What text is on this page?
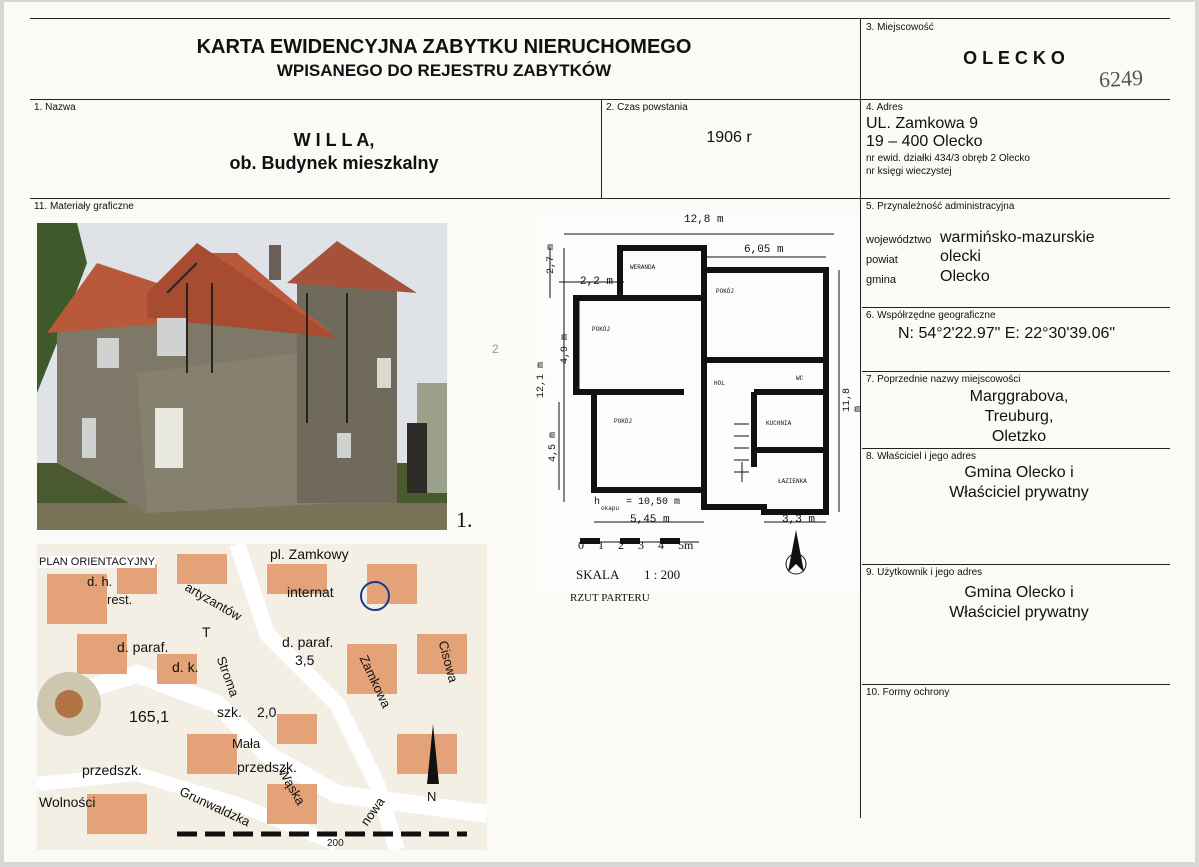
KARTA EWIDENCYJNA ZABYTKU NIERUCHOMEGO
WPISANEGO DO REJESTRU ZABYTKÓW
3. Miejscowość
O L E C K O
6249
1. Nazwa
W I L L A,
ob. Budynek mieszkalny
2. Czas powstania
1906 r
4. Adres
UL. Zamkowa 9
19 – 400 Olecko
nr ewid. działki 434/3 obręb 2 Olecko
nr księgi wieczystej
11. Materiały graficzne
1.
2
PLAN ORIENTACYJNY	pl. Zamkowy
d. h.
rest.	artyzantów	internat
d. paraf.
T
d. k. Stroma
d. paraf.
3,5	Zamkowa	Cisowa
165,1	szk. 2,0
Mała
przedszk.	przedszk.
Wąska
Wolności	Grunwaldzka	nowa	N
200
12,8 m
6,05 m
2,2 m
2,7 m
12,1 m
4,9 m
4,5 m
11,8 m
5,45 m	3,3 m
h
okapu
= 10,50 m
WERANDA
POKÓJ
POKÓJ
POKÓJ
HOL
WC
KUCHNIA
ŁAZIENKA
0 1 2 3 4 5m
SKALA 1 : 200
RZUT PARTERU
5. Przynależność administracyjna
województwo warmińsko-mazurskie
powiat	olecki
gmina	Olecko
6. Współrzędne geograficzne
N: 54°2'22.97" E: 22°30'39.06"
7. Poprzednie nazwy miejscowości
Marggrabova,
Treuburg,
Oletzko
8. Właściciel i jego adres
Gmina Olecko i
Właściciel prywatny
9. Użytkownik i jego adres
Gmina Olecko i
Właściciel prywatny
10. Formy ochrony
